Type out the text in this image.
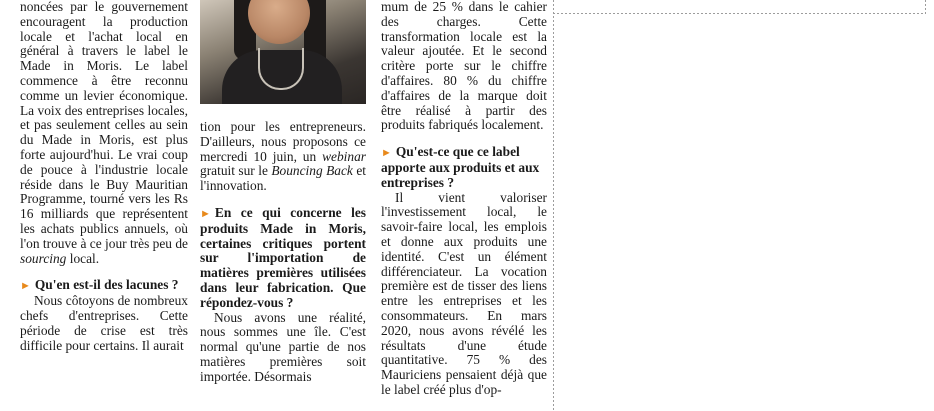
noncées par le gouvernement encouragent la production locale et l'achat local en général à travers le label le Made in Moris. Le label commence à être reconnu comme un levier économique. La voix des entreprises locales, et pas seulement celles au sein du Made in Moris, est plus forte aujourd'hui. Le vrai coup de pouce à l'industrie locale réside dans le Buy Mauritian Programme, tourné vers les Rs 16 milliards que représentent les achats publics annuels, où l'on trouve à ce jour très peu de sourcing local.

► Qu'en est-il des lacunes ?

Nous côtoyons de nombreux chefs d'entreprises. Cette période de crise est très difficile pour certains. Il aurait

tion pour les entrepreneurs. D'ailleurs, nous proposons ce mercredi 10 juin, un webinar gratuit sur le Bouncing Back et l'innovation.

► En ce qui concerne les produits Made in Moris, certaines critiques portent sur l'importation de matières premières utilisées dans leur fabrication. Que répondez-vous ?

Nous avons une réalité, nous sommes une île. C'est normal qu'une partie de nos matières premières soit importée. Désormais

mum de 25 % dans le cahier des charges. Cette transformation locale est la valeur ajoutée. Et le second critère porte sur le chiffre d'affaires. 80 % du chiffre d'affaires de la marque doit être réalisé à partir des produits fabriqués localement.

► Qu'est-ce que ce label apporte aux produits et aux entreprises ?

Il vient valoriser l'investissement local, le savoir-faire local, les emplois et donne aux produits une identité. C'est un élément différenciateur. La vocation première est de tisser des liens entre les entreprises et les consommateurs. En mars 2020, nous avons révélé les résultats d'une étude quantitative. 75 % des Mauriciens pensaient déjà que le label créé plus d'op-
